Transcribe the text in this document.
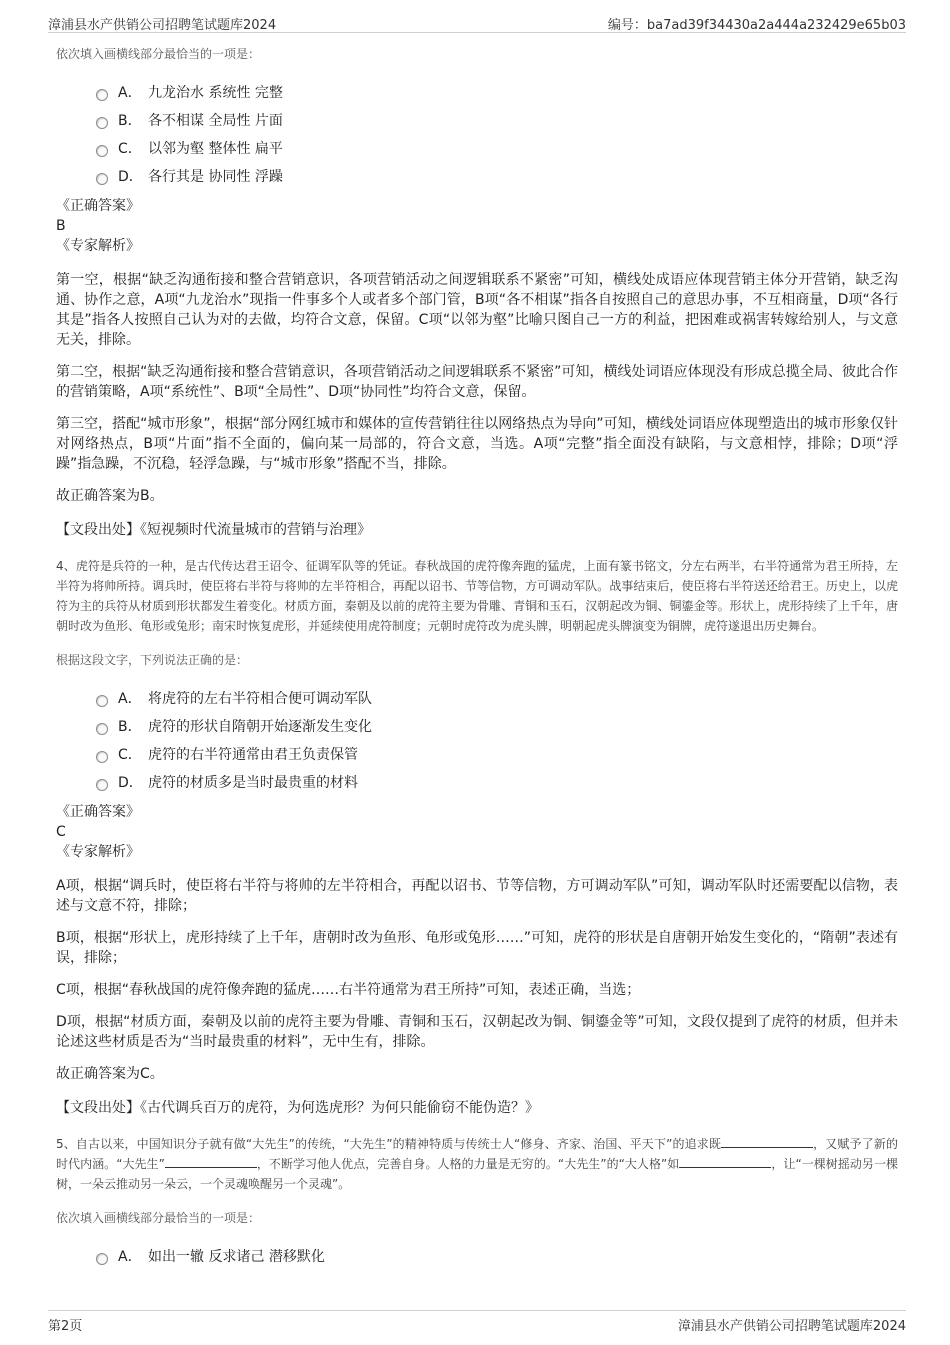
漳浦县水产供销公司招聘笔试题库2024	编号：ba7ad39f34430a2a444a232429e65b03
依次填入画横线部分最恰当的一项是：
A． 九龙治水 系统性 完整
B． 各不相谋 全局性 片面
C． 以邻为壑 整体性 扁平
D． 各行其是 协同性 浮躁
《正确答案》
B
《专家解析》

第一空，根据“缺乏沟通衔接和整合营销意识，各项营销活动之间逻辑联系不紧密”可知，横线处成语应体现营销主体分开营销，缺乏沟通、协作之意，A项“九龙治水”现指一件事多个人或者多个部门管，B项“各不相谋”指各自按照自己的意思办事，不互相商量，D项“各行其是”指各人按照自己认为对的去做，均符合文意，保留。C项“以邻为壑”比喻只图自己一方的利益，把困难或祸害转嫁给别人，与文意无关，排除。

第二空，根据“缺乏沟通衔接和整合营销意识，各项营销活动之间逻辑联系不紧密”可知，横线处词语应体现没有形成总揽全局、彼此合作的营销策略，A项“系统性”、B项“全局性”、D项“协同性”均符合文意，保留。

第三空，搭配“城市形象”，根据“部分网红城市和媒体的宣传营销往往以网络热点为导向”可知，横线处词语应体现塑造出的城市形象仅针对网络热点，B项“片面”指不全面的，偏向某一局部的，符合文意，当选。A项“完整”指全面没有缺陷，与文意相悖，排除；D项“浮躁”指急躁，不沉稳，轻浮急躁，与“城市形象”搭配不当，排除。

故正确答案为B。
【文段出处】《短视频时代流量城市的营销与治理》
4、虎符是兵符的一种，是古代传达君王诏令、征调军队等的凭证。春秋战国的虎符像奔跑的猛虎，上面有篆书铭文，分左右两半，右半符通常为君王所持，左半符为将帅所持。调兵时，使臣将右半符与将帅的左半符相合，再配以诏书、节等信物，方可调动军队。战事结束后，使臣将右半符送还给君王。历史上，以虎符为主的兵符从材质到形状都发生着变化。材质方面，秦朝及以前的虎符主要为骨雕、青铜和玉石，汉朝起改为铜、铜鎏金等。形状上，虎形持续了上千年，唐朝时改为鱼形、龟形或兔形；南宋时恢复虎形，并延续使用虎符制度；元朝时虎符改为虎头牌，明朝起虎头牌演变为铜牌，虎符遂退出历史舞台。
根据这段文字，下列说法正确的是：
A． 将虎符的左右半符相合便可调动军队
B． 虎符的形状自隋朝开始逐渐发生变化
C． 虎符的右半符通常由君王负责保管
D． 虎符的材质多是当时最贵重的材料
《正确答案》
C
《专家解析》

A项，根据“调兵时，使臣将右半符与将帅的左半符相合，再配以诏书、节等信物，方可调动军队”可知，调动军队时还需要配以信物，表述与文意不符，排除；

B项，根据“形状上，虎形持续了上千年，唐朝时改为鱼形、龟形或兔形……”可知，虎符的形状是自唐朝开始发生变化的，“隋朝”表述有误，排除；

C项，根据“春秋战国的虎符像奔跑的猛虎……右半符通常为君王所持”可知，表述正确，当选；

D项，根据“材质方面，秦朝及以前的虎符主要为骨雕、青铜和玉石，汉朝起改为铜、铜鎏金等”可知，文段仅提到了虎符的材质，但并未论述这些材质是否为“当时最贵重的材料”，无中生有，排除。

故正确答案为C。
【文段出处】《古代调兵百万的虎符，为何选虎形？为何只能偷窃不能伪造？》
5、自古以来，中国知识分子就有做“大先生”的传统，“大先生”的精神特质与传统士人“修身、齐家、治国、平天下”的追求既	，又赋予了新的时代内涵。“大先生”	，不断学习他人优点，完善自身。人格的力量是无穷的。“大先生”的“大人格”如	，让“一棵树摇动另一棵树，一朵云推动另一朵云，一个灵魂唤醒另一个灵魂”。
依次填入画横线部分最恰当的一项是：
A． 如出一辙 反求诸己 潜移默化
第2页	漳浦县水产供销公司招聘笔试题库2024
